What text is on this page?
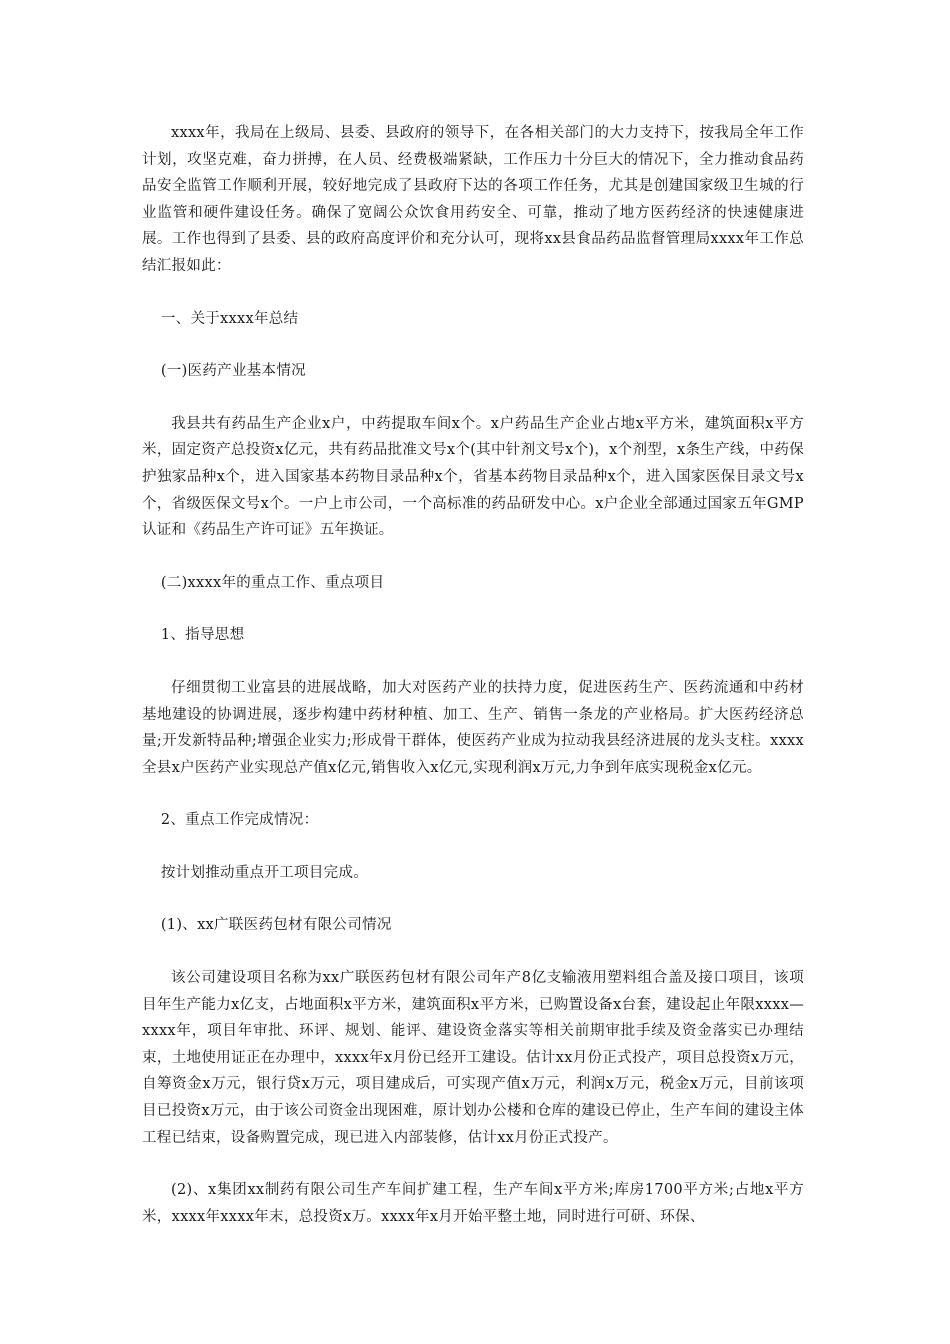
xxxx年，我局在上级局、县委、县政府的领导下，在各相关部门的大力支持下，按我局全年工作计划，攻坚克难，奋力拼搏，在人员、经费极端紧缺，工作压力十分巨大的情况下，全力推动食品药品安全监管工作顺利开展，较好地完成了县政府下达的各项工作任务，尤其是创建国家级卫生城的行业监管和硬件建设任务。确保了宽阔公众饮食用药安全、可靠，推动了地方医药经济的快速健康进展。工作也得到了县委、县的政府高度评价和充分认可，现将xx县食品药品监督管理局xxxx年工作总结汇报如此：

一、关于xxxx年总结

(一)医药产业基本情况

我县共有药品生产企业x户，中药提取车间x个。x户药品生产企业占地x平方米，建筑面积x平方米，固定资产总投资x亿元，共有药品批准文号x个(其中针剂文号x个)，x个剂型，x条生产线，中药保护独家品种x个，进入国家基本药物目录品种x个，省基本药物目录品种x个，进入国家医保目录文号x个，省级医保文号x个。一户上市公司，一个高标准的药品研发中心。x户企业全部通过国家五年GMP认证和《药品生产许可证》五年换证。

(二)xxxx年的重点工作、重点项目

1、指导思想

仔细贯彻工业富县的进展战略，加大对医药产业的扶持力度，促进医药生产、医药流通和中药材基地建设的协调进展，逐步构建中药材种植、加工、生产、销售一条龙的产业格局。扩大医药经济总量;开发新特品种;增强企业实力;形成骨干群体，使医药产业成为拉动我县经济进展的龙头支柱。xxxx全县x户医药产业实现总产值x亿元,销售收入x亿元,实现利润x万元,力争到年底实现税金x亿元。

2、重点工作完成情况：

按计划推动重点开工项目完成。

(1)、xx广联医药包材有限公司情况

该公司建设项目名称为xx广联医药包材有限公司年产8亿支输液用塑料组合盖及接口项目，该项目年生产能力x亿支，占地面积x平方米，建筑面积x平方米，已购置设备x台套，建设起止年限xxxx—xxxx年，项目年审批、环评、规划、能评、建设资金落实等相关前期审批手续及资金落实已办理结束，土地使用证正在办理中，xxxx年x月份已经开工建设。估计xx月份正式投产，项目总投资x万元，自筹资金x万元，银行贷x万元，项目建成后，可实现产值x万元，利润x万元，税金x万元，目前该项目已投资x万元，由于该公司资金出现困难，原计划办公楼和仓库的建设已停止，生产车间的建设主体工程已结束，设备购置完成，现已进入内部装修，估计xx月份正式投产。

(2)、x集团xx制药有限公司生产车间扩建工程，生产车间x平方米;库房1700平方米;占地x平方米，xxxx年xxxx年末，总投资x万。xxxx年x月开始平整土地，同时进行可研、环保、
